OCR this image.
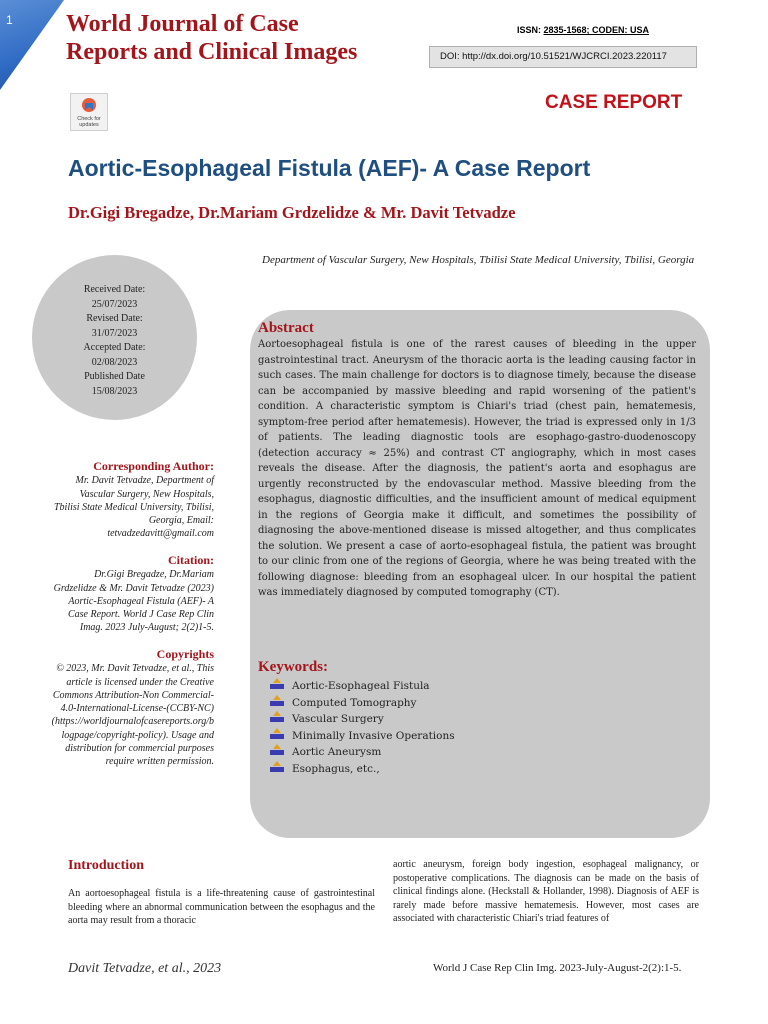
1 World Journal of Case
Reports and Clinical Images
ISSN: 2835-1568; CODEN: USA
DOI: http://dx.doi.org/10.51521/WJCRCI.2023.220117
Check for updates
CASE REPORT
Aortic-Esophageal Fistula (AEF)- A Case Report
Dr.Gigi Bregadze, Dr.Mariam Grdzelidze & Mr. Davit Tetvadze
Department of Vascular Surgery, New Hospitals, Tbilisi State Medical University, Tbilisi, Georgia
Received Date:
25/07/2023
Revised Date:
31/07/2023
Accepted Date:
02/08/2023
Published Date
15/08/2023
Abstract

Aortoesophageal fistula is one of the rarest causes of bleeding in the upper gastrointestinal tract. Aneurysm of the thoracic aorta is the leading causing factor in such cases. The main challenge for doctors is to diagnose timely, because the disease can be accompanied by massive bleeding and rapid worsening of the patient's condition. A characteristic symptom is Chiari's triad (chest pain, hematemesis, symptom-free period after hematemesis). However, the triad is expressed only in 1/3 of patients. The leading diagnostic tools are esophago-gastro-duodenoscopy (detection accuracy ≈ 25%) and contrast CT angiography, which in most cases reveals the disease. After the diagnosis, the patient's aorta and esophagus are urgently reconstructed by the endovascular method. Massive bleeding from the esophagus, diagnostic difficulties, and the insufficient amount of medical equipment in the regions of Georgia make it difficult, and sometimes the possibility of diagnosing the above-mentioned disease is missed altogether, and thus complicates the solution. We present a case of aorto-esophageal fistula, the patient was brought to our clinic from one of the regions of Georgia, where he was being treated with the following diagnose: bleeding from an esophageal ulcer. In our hospital the patient was immediately diagnosed by computed tomography (CT).

Keywords:
Aortic-Esophageal Fistula
Computed Tomography
Vascular Surgery
Minimally Invasive Operations
Aortic Aneurysm
Esophagus, etc.,
Corresponding Author:
Mr. Davit Tetvadze, Department of
Vascular Surgery, New Hospitals,
Tbilisi State Medical University, Tbilisi,
Georgia, Email:
tetvadzedavitt@gmail.com
Citation:
Dr.Gigi Bregadze, Dr.Mariam
Grdzelidze & Mr. Davit Tetvadze (2023)
Aortic-Esophageal Fistula (AEF)- A
Case Report. World J Case Rep Clin
Imag. 2023 July-August; 2(2)1-5.
Copyrights
© 2023, Mr. Davit Tetvadze, et al., This
article is licensed under the Creative
Commons Attribution-Non Commercial-
4.0-International-License-(CCBY-NC)
(https://worldjournalofcasereports.org/b
logpage/copyright-policy). Usage and
distribution for commercial purposes
require written permission.
Introduction

An aortoesophageal fistula is a life-threatening cause of gastrointestinal bleeding where an abnormal communication between the esophagus and the aorta may result from a thoracic

aortic aneurysm, foreign body ingestion, esophageal malignancy, or postoperative complications. The diagnosis can be made on the basis of clinical findings alone. (Heckstall & Hollander, 1998). Diagnosis of AEF is rarely made before massive hematemesis. However, most cases are associated with characteristic Chiari's triad features of

Davit Tetvadze, et al., 2023	World J Case Rep Clin Img. 2023-July-August-2(2):1-5.
